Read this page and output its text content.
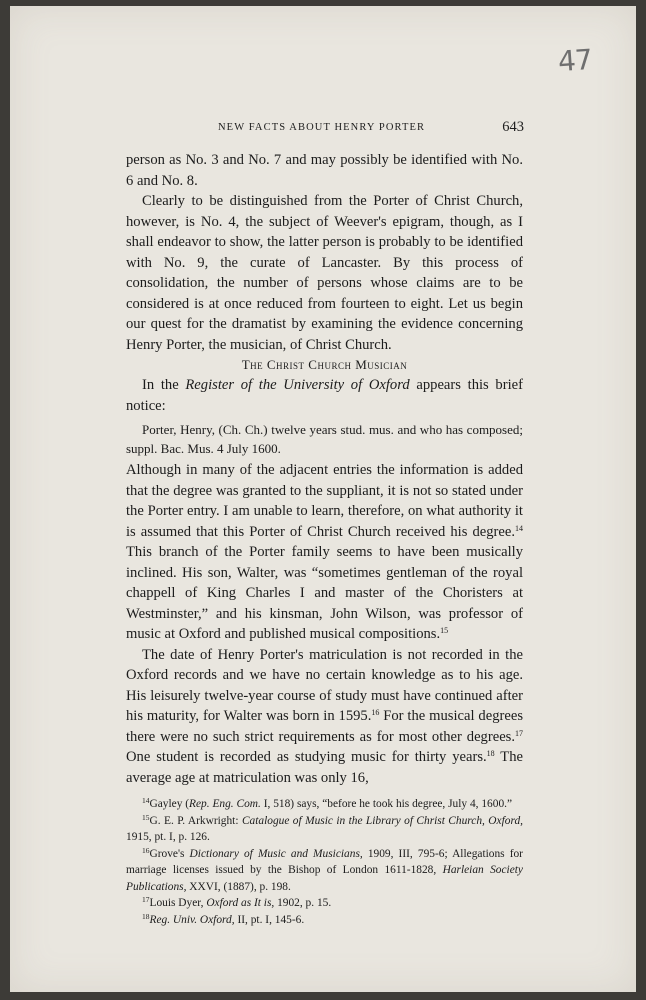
47
NEW FACTS ABOUT HENRY PORTER	643
person as No. 3 and No. 7 and may possibly be identified with No. 6 and No. 8.
Clearly to be distinguished from the Porter of Christ Church, however, is No. 4, the subject of Weever's epigram, though, as I shall endeavor to show, the latter person is probably to be identified with No. 9, the curate of Lancaster. By this process of consolidation, the number of persons whose claims are to be considered is at once reduced from fourteen to eight. Let us begin our quest for the dramatist by examining the evidence concerning Henry Porter, the musician, of Christ Church.
The Christ Church Musician
In the Register of the University of Oxford appears this brief notice:
Porter, Henry, (Ch. Ch.) twelve years stud. mus. and who has composed; suppl. Bac. Mus. 4 July 1600.
Although in many of the adjacent entries the information is added that the degree was granted to the suppliant, it is not so stated under the Porter entry. I am unable to learn, therefore, on what authority it is assumed that this Porter of Christ Church received his degree.$^{14}$ This branch of the Porter family seems to have been musically inclined. His son, Walter, was “sometimes gentleman of the royal chappell of King Charles I and master of the Choristers at Westminster,” and his kinsman, John Wilson, was professor of music at Oxford and published musical compositions.$^{15}$
The date of Henry Porter's matriculation is not recorded in the Oxford records and we have no certain knowledge as to his age. His leisurely twelve-year course of study must have continued after his maturity, for Walter was born in 1595.16 For the musical degrees there were no such strict requirements as for most other degrees.$^{17}$ One student is recorded as studying music for thirty years.$^{18}$ The average age at matriculation was only 16,
$^{14}$Gayley (Rep. Eng. Com. I, 518) says, “before he took his degree, July 4, 1600.”
$^{15}$G. E. P. Arkwright: Catalogue of Music in the Library of Christ Church, Oxford, 1915, pt. I, p. 126.
$^{16}$Grove's Dictionary of Music and Musicians, 1909, III, 795-6; Allegations for marriage licenses issued by the Bishop of London 1611-1828, Harleian Society Publications, XXVI, (1887), p. 198.
$^{17}$Louis Dyer, Oxford as It is, 1902, p. 15.
$^{18}$Reg. Univ. Oxford, II, pt. I, 145-6.
